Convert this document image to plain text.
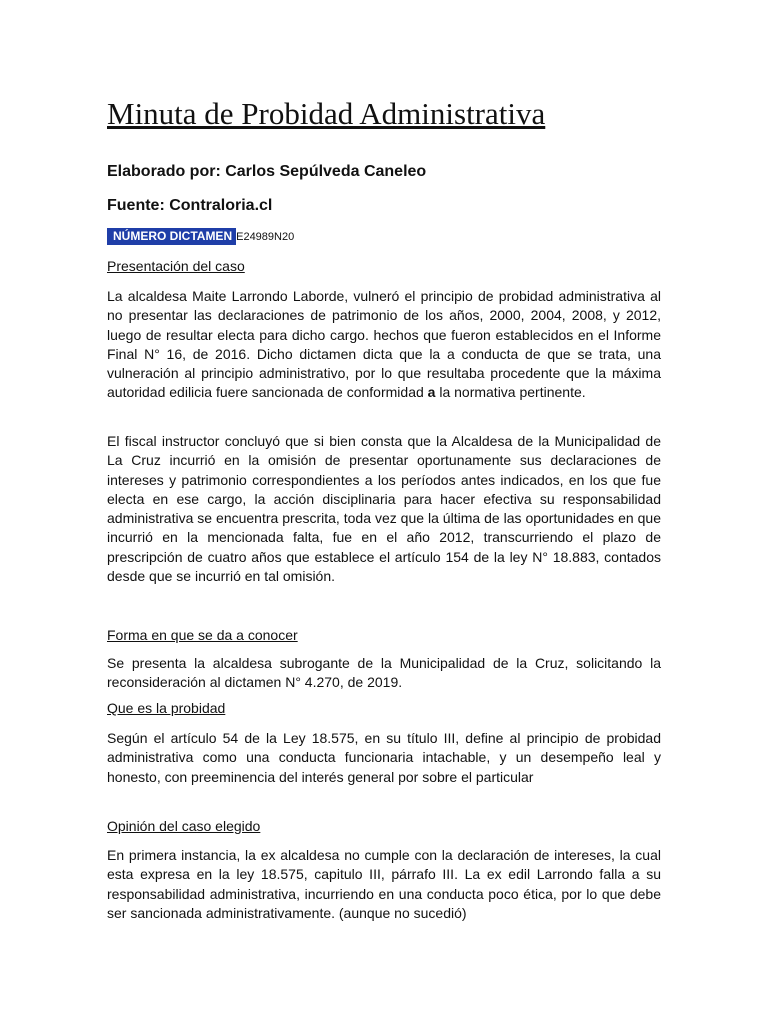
Minuta de Probidad Administrativa

Elaborado por: Carlos Sepúlveda Caneleo

Fuente: Contraloria.cl

NÚMERO DICTAMEN E24989N20

Presentación del caso

La alcaldesa Maite Larrondo Laborde, vulneró el principio de probidad administrativa al no presentar las declaraciones de patrimonio de los años, 2000, 2004, 2008, y 2012, luego de resultar electa para dicho cargo. hechos que fueron establecidos en el Informe Final N° 16, de 2016. Dicho dictamen dicta que la a conducta de que se trata, una vulneración al principio administrativo, por lo que resultaba procedente que la máxima autoridad edilicia fuere sancionada de conformidad a la normativa pertinente.

El fiscal instructor concluyó que si bien consta que la Alcaldesa de la Municipalidad de La Cruz incurrió en la omisión de presentar oportunamente sus declaraciones de intereses y patrimonio correspondientes a los períodos antes indicados, en los que fue electa en ese cargo, la acción disciplinaria para hacer efectiva su responsabilidad administrativa se encuentra prescrita, toda vez que la última de las oportunidades en que incurrió en la mencionada falta, fue en el año 2012, transcurriendo el plazo de prescripción de cuatro años que establece el artículo 154 de la ley N° 18.883, contados desde que se incurrió en tal omisión.

Forma en que se da a conocer

Se presenta la alcaldesa subrogante de la Municipalidad de la Cruz, solicitando la reconsideración al dictamen N° 4.270, de 2019.

Que es la probidad

Según el artículo 54 de la Ley 18.575, en su título III, define al principio de probidad administrativa como una conducta funcionaria intachable, y un desempeño leal y honesto, con preeminencia del interés general por sobre el particular

Opinión del caso elegido

En primera instancia, la ex alcaldesa no cumple con la declaración de intereses, la cual esta expresa en la ley 18.575, capitulo III, párrafo III. La ex edil Larrondo falla a su responsabilidad administrativa, incurriendo en una conducta poco ética, por lo que debe ser sancionada administrativamente. (aunque no sucedió)
